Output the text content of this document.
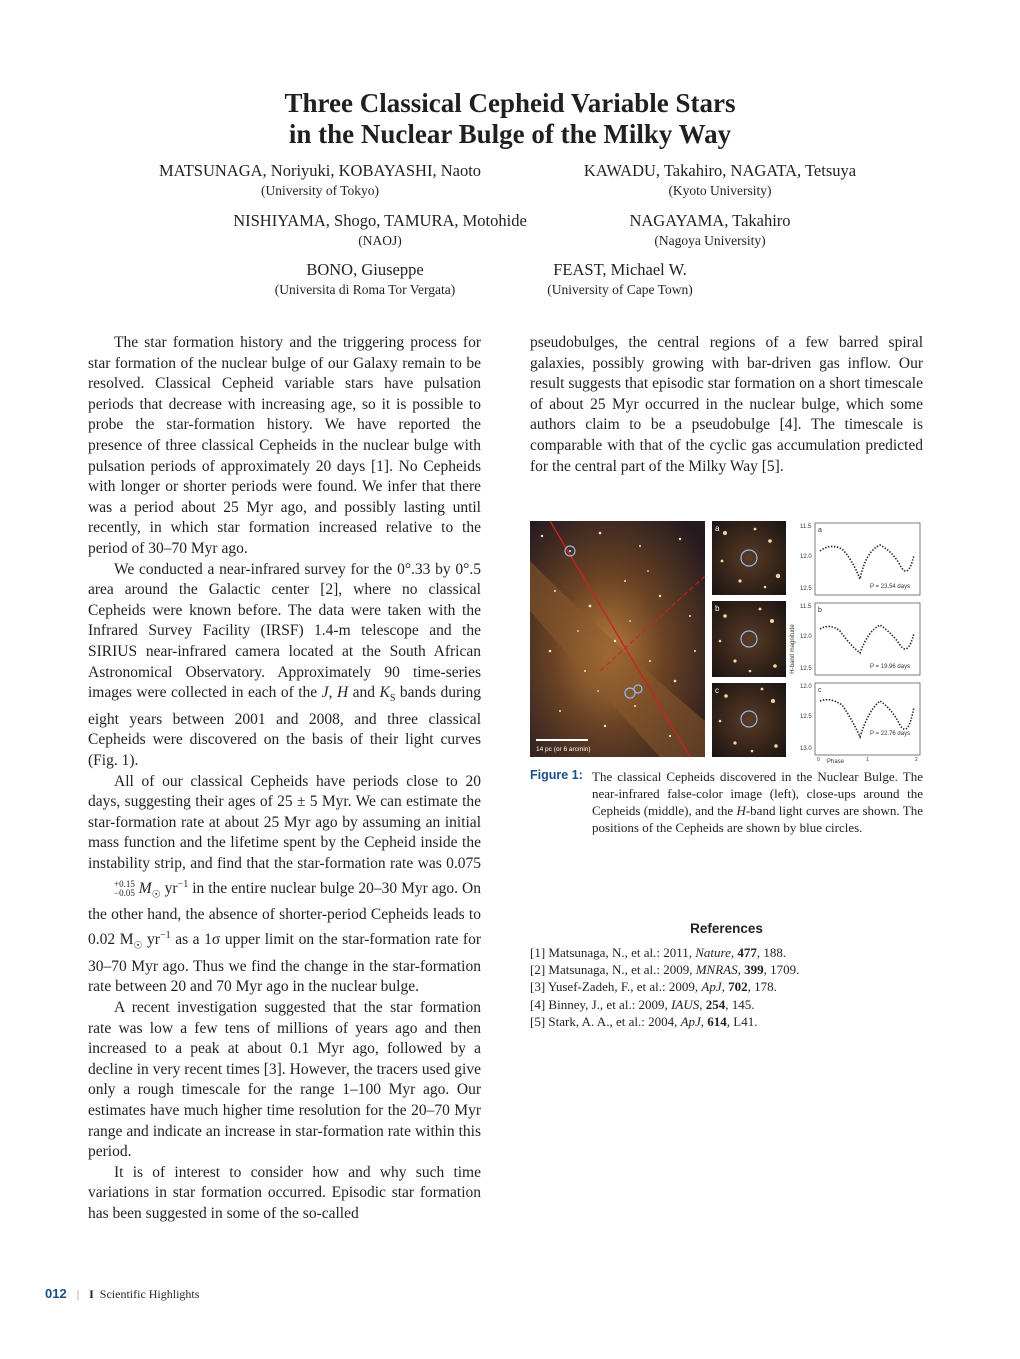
Three Classical Cepheid Variable Stars
in the Nuclear Bulge of the Milky Way
MATSUNAGA, Noriyuki, KOBAYASHI, Naoto
(University of Tokyo)
KAWADU, Takahiro, NAGATA, Tetsuya
(Kyoto University)
NISHIYAMA, Shogo, TAMURA, Motohide
(NAOJ)
NAGAYAMA, Takahiro
(Nagoya University)
BONO, Giuseppe
(Universita di Roma Tor Vergata)
FEAST, Michael W.
(University of Cape Town)

The star formation history and the triggering process for star formation of the nuclear bulge of our Galaxy remain to be resolved. Classical Cepheid variable stars have pulsation periods that decrease with increasing age, so it is possible to probe the star-formation history. We have reported the presence of three classical Cepheids in the nuclear bulge with pulsation periods of approximately 20 days [1]. No Cepheids with longer or shorter periods were found. We infer that there was a period about 25 Myr ago, and possibly lasting until recently, in which star formation increased relative to the period of 30–70 Myr ago.

We conducted a near-infrared survey for the 0°.33 by 0°.5 area around the Galactic center [2], where no classical Cepheids were known before. The data were taken with the Infrared Survey Facility (IRSF) 1.4-m telescope and the SIRIUS near-infrared camera located at the South African Astronomical Observatory. Approximately 90 time-series images were collected in each of the J, H and $K_S$ bands during eight years between 2001 and 2008, and three classical Cepheids were discovered on the basis of their light curves (Fig. 1).

All of our classical Cepheids have periods close to 20 days, suggesting their ages of 25 ± 5 Myr. We can estimate the star-formation rate at about 25 Myr ago by assuming an initial mass function and the lifetime spent by the Cepheid inside the instability strip, and find that the star-formation rate was 0.075
+0.15
−0.05 $M_☉$ $yr^{-1}$ in the entire nuclear bulge 20–30 Myr ago. On the other hand, the absence of shorter-period Cepheids leads to 0.02 $M_☉$ $yr^{-1}$ as a 1σ upper limit on the star-formation rate for 30–70 Myr ago. Thus we find the change in the star-formation rate between 20 and 70 Myr ago in the nuclear bulge.

A recent investigation suggested that the star formation rate was low a few tens of millions of years ago and then increased to a peak at about 0.1 Myr ago, followed by a decline in very recent times [3]. However, the tracers used give only a rough timescale for the range 1–100 Myr ago. Our estimates have much higher time resolution for the 20–70 Myr range and indicate an increase in star-formation rate within this period.

It is of interest to consider how and why such time variations in star formation occurred. Episodic star formation has been suggested in some of the so-called

pseudobulges, the central regions of a few barred spiral galaxies, possibly growing with bar-driven gas inflow. Our result suggests that episodic star formation on a short timescale of about 25 Myr occurred in the nuclear bulge, which some authors claim to be a pseudobulge [4]. The timescale is comparable with that of the cyclic gas accumulation predicted for the central part of the Milky Way [5].

14 pc (or 6 arcmin)
a
b
c
H-band magnitude
11.5
12.0
12.5
a
P = 23.54 days
11.5
12.0
12.5
b
P = 19.96 days
12.0
12.5
13.0
c
P = 22.76 days
0	1	2
Phase
Figure 1: The classical Cepheids discovered in the Nuclear Bulge. The near-infrared false-color image (left), close-ups around the Cepheids (middle), and the H-band light curves are shown. The positions of the Cepheids are shown by blue circles.
References
[1] Matsunaga, N., et al.: 2011, Nature, 477, 188.
[2] Matsunaga, N., et al.: 2009, MNRAS, 399, 1709.
[3] Yusef-Zadeh, F., et al.: 2009, ApJ, 702, 178.
[4] Binney, J., et al.: 2009, IAUS, 254, 145.
[5] Stark, A. A., et al.: 2004, ApJ, 614, L41.
012 | I Scientific Highlights
